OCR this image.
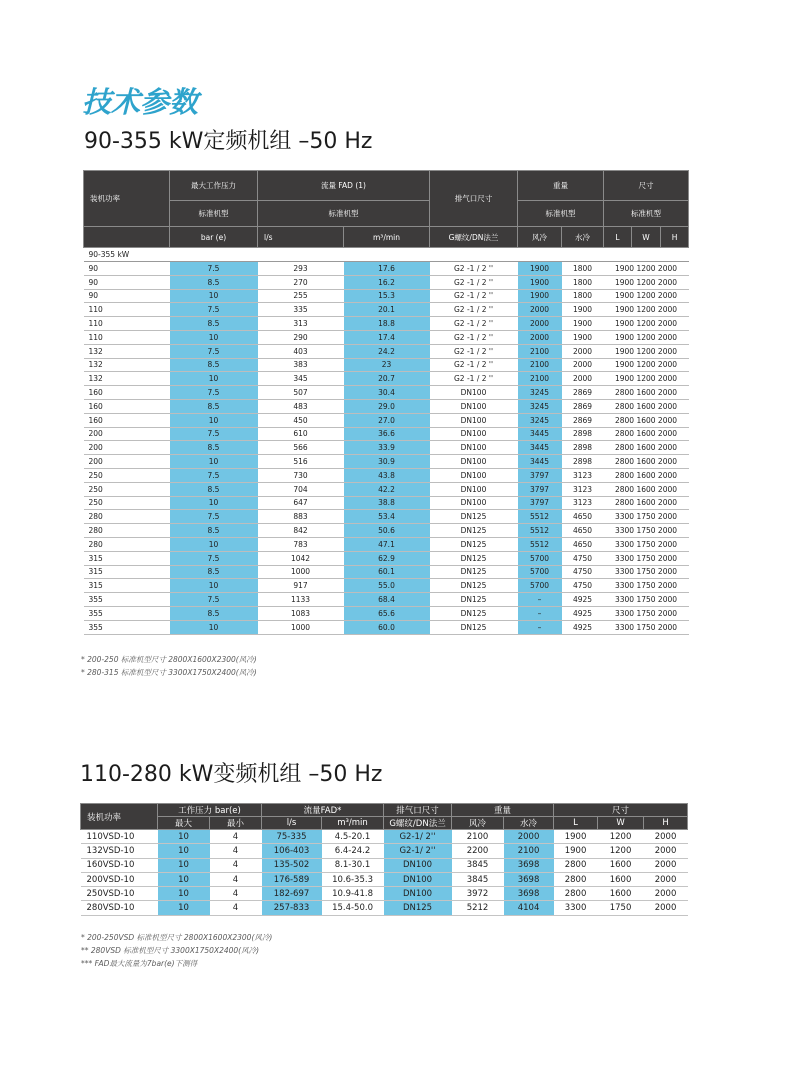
技术参数
90-355 kW定频机组 –50 Hz
装机功率	最大工作压力	流量 FAD (1)		排气口尺寸	重量		尺寸		
	标准机型	标准机型			标准机型		标准机型		
	bar (e)	l/s	m³/min	G螺纹/DN法兰	风冷	水冷	L	W	H
90-355 kW									
90	7.5	293	17.6	G2 -1 / 2 ''	1900	1800	1900 1200 2000		
90	8.5	270	16.2	G2 -1 / 2 ''	1900	1800	1900 1200 2000		
90	10	255	15.3	G2 -1 / 2 ''	1900	1800	1900 1200 2000		
110	7.5	335	20.1	G2 -1 / 2 ''	2000	1900	1900 1200 2000		
110	8.5	313	18.8	G2 -1 / 2 ''	2000	1900	1900 1200 2000		
110	10	290	17.4	G2 -1 / 2 ''	2000	1900	1900 1200 2000		
132	7.5	403	24.2	G2 -1 / 2 ''	2100	2000	1900 1200 2000		
132	8.5	383	23	G2 -1 / 2 ''	2100	2000	1900 1200 2000		
132	10	345	20.7	G2 -1 / 2 ''	2100	2000	1900 1200 2000		
160	7.5	507	30.4	DN100	3245	2869	2800 1600 2000		
160	8.5	483	29.0	DN100	3245	2869	2800 1600 2000		
160	10	450	27.0	DN100	3245	2869	2800 1600 2000		
200	7.5	610	36.6	DN100	3445	2898	2800 1600 2000		
200	8.5	566	33.9	DN100	3445	2898	2800 1600 2000		
200	10	516	30.9	DN100	3445	2898	2800 1600 2000		
250	7.5	730	43.8	DN100	3797	3123	2800 1600 2000		
250	8.5	704	42.2	DN100	3797	3123	2800 1600 2000		
250	10	647	38.8	DN100	3797	3123	2800 1600 2000		
280	7.5	883	53.4	DN125	5512	4650	3300 1750 2000		
280	8.5	842	50.6	DN125	5512	4650	3300 1750 2000		
280	10	783	47.1	DN125	5512	4650	3300 1750 2000		
315	7.5	1042	62.9	DN125	5700	4750	3300 1750 2000		
315	8.5	1000	60.1	DN125	5700	4750	3300 1750 2000		
315	10	917	55.0	DN125	5700	4750	3300 1750 2000		
355	7.5	1133	68.4	DN125	–	4925	3300 1750 2000		
355	8.5	1083	65.6	DN125	–	4925	3300 1750 2000		
355	10	1000	60.0	DN125	–	4925	3300 1750 2000		
* 200-250 标准机型尺寸 2800X1600X2300(风冷)
* 280-315 标准机型尺寸 3300X1750X2400(风冷)
110-280 kW变频机组 –50 Hz
装机功率	工作压力 bar(e)		流量FAD*		排气口尺寸	重量		尺寸		
	最大	最小	l/s	m³/min	G螺纹/DN法兰	风冷	水冷	L	W	H
110VSD-10	10	4	75-335	4.5-20.1	G2-1/ 2''	2100	2000	1900	1200	2000
132VSD-10	10	4	106-403	6.4-24.2	G2-1/ 2''	2200	2100	1900	1200	2000
160VSD-10	10	4	135-502	8.1-30.1	DN100	3845	3698	2800	1600	2000
200VSD-10	10	4	176-589	10.6-35.3	DN100	3845	3698	2800	1600	2000
250VSD-10	10	4	182-697	10.9-41.8	DN100	3972	3698	2800	1600	2000
280VSD-10	10	4	257-833	15.4-50.0	DN125	5212	4104	3300	1750	2000
* 200-250VSD 标准机型尺寸 2800X1600X2300(风冷)
** 280VSD 标准机型尺寸 3300X1750X2400(风冷)
*** FAD最大流量为7bar(e)下测得
